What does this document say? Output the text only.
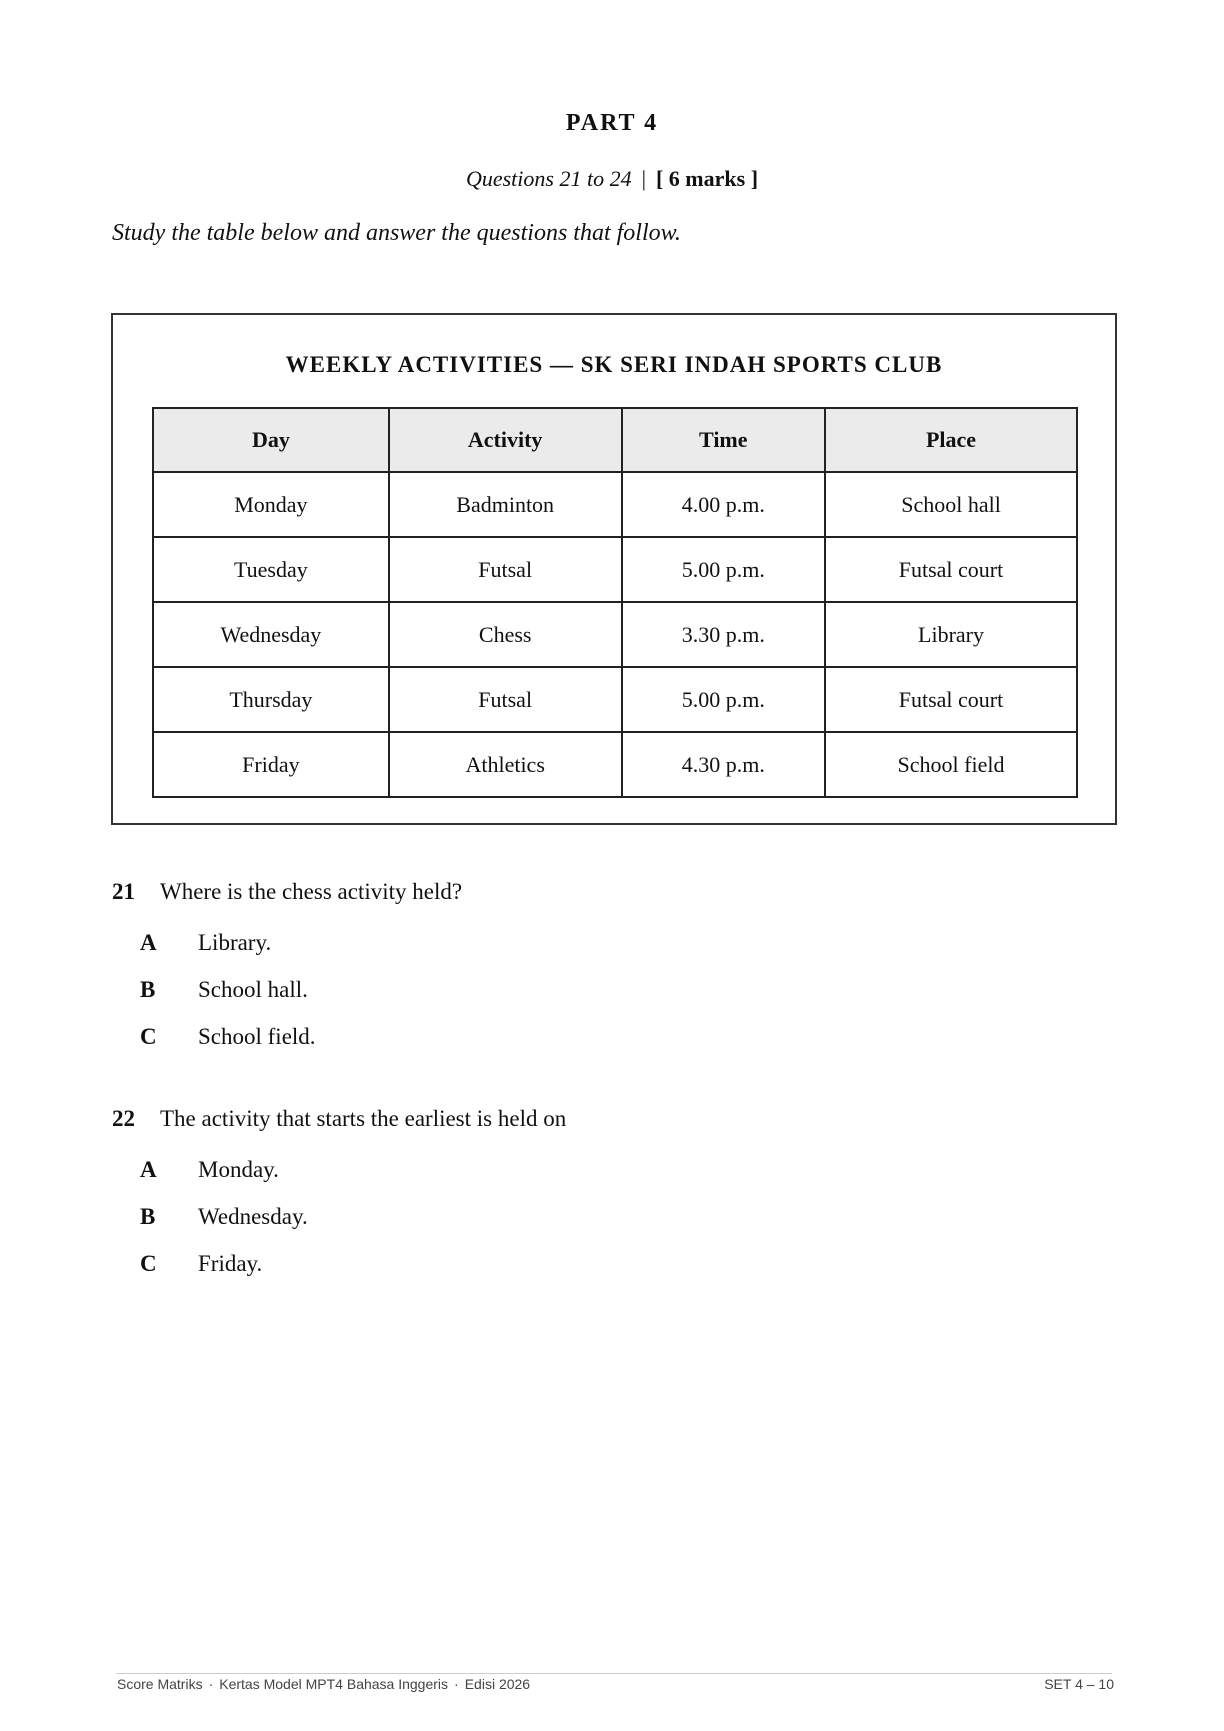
PART 4
Questions 21 to 24 | [ 6 marks ]
Study the table below and answer the questions that follow.
WEEKLY ACTIVITIES — SK SERI INDAH SPORTS CLUB
Day	Activity	Time	Place
Monday	Badminton	4.00 p.m.	School hall
Tuesday	Futsal	5.00 p.m.	Futsal court
Wednesday	Chess	3.30 p.m.	Library
Thursday	Futsal	5.00 p.m.	Futsal court
Friday	Athletics	4.30 p.m.	School field
21 Where is the chess activity held?
A Library.
B School hall.
C School field.
22 The activity that starts the earliest is held on
A Monday.
B Wednesday.
C Friday.
Score Matriks · Kertas Model MPT4 Bahasa Inggeris · Edisi 2026	SET 4 – 10
